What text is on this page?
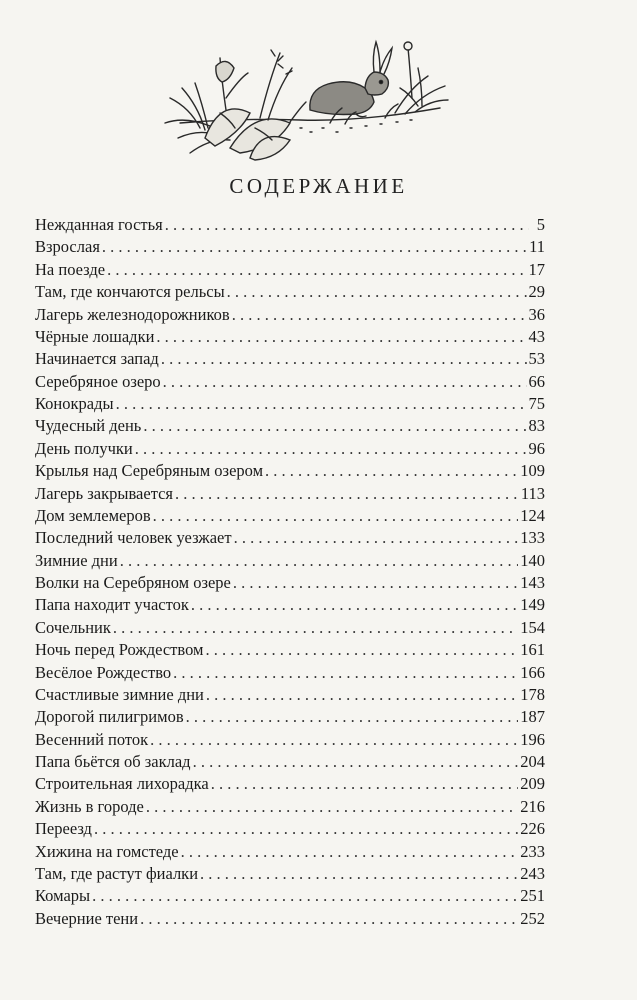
СОДЕРЖАНИЕ
Нежданная гостья . . .	5
Взрослая . . .	11
На поезде . . .	17
Там, где кончаются рельсы . . .	29
Лагерь железнодорожников . . .	36
Чёрные лошадки . . .	43
Начинается запад . . .	53
Серебряное озеро . . .	66
Конокрады . . .	75
Чудесный день . . .	83
День получки . . .	96
Крылья над Серебряным озером . . .	109
Лагерь закрывается . . .	113
Дом землемеров . . .	124
Последний человек уезжает . . .	133
Зимние дни . . .	140
Волки на Серебряном озере . . .	143
Папа находит участок . . .	149
Сочельник . . .	154
Ночь перед Рождеством . . .	161
Весёлое Рождество . . .	166
Счастливые зимние дни . . .	178
Дорогой пилигримов . . .	187
Весенний поток . . .	196
Папа бьётся об заклад . . .	204
Строительная лихорадка . . .	209
Жизнь в городе . . .	216
Переезд . . .	226
Хижина на гомстеде . . .	233
Там, где растут фиалки . . .	243
Комары . . .	251
Вечерние тени . . .	252
